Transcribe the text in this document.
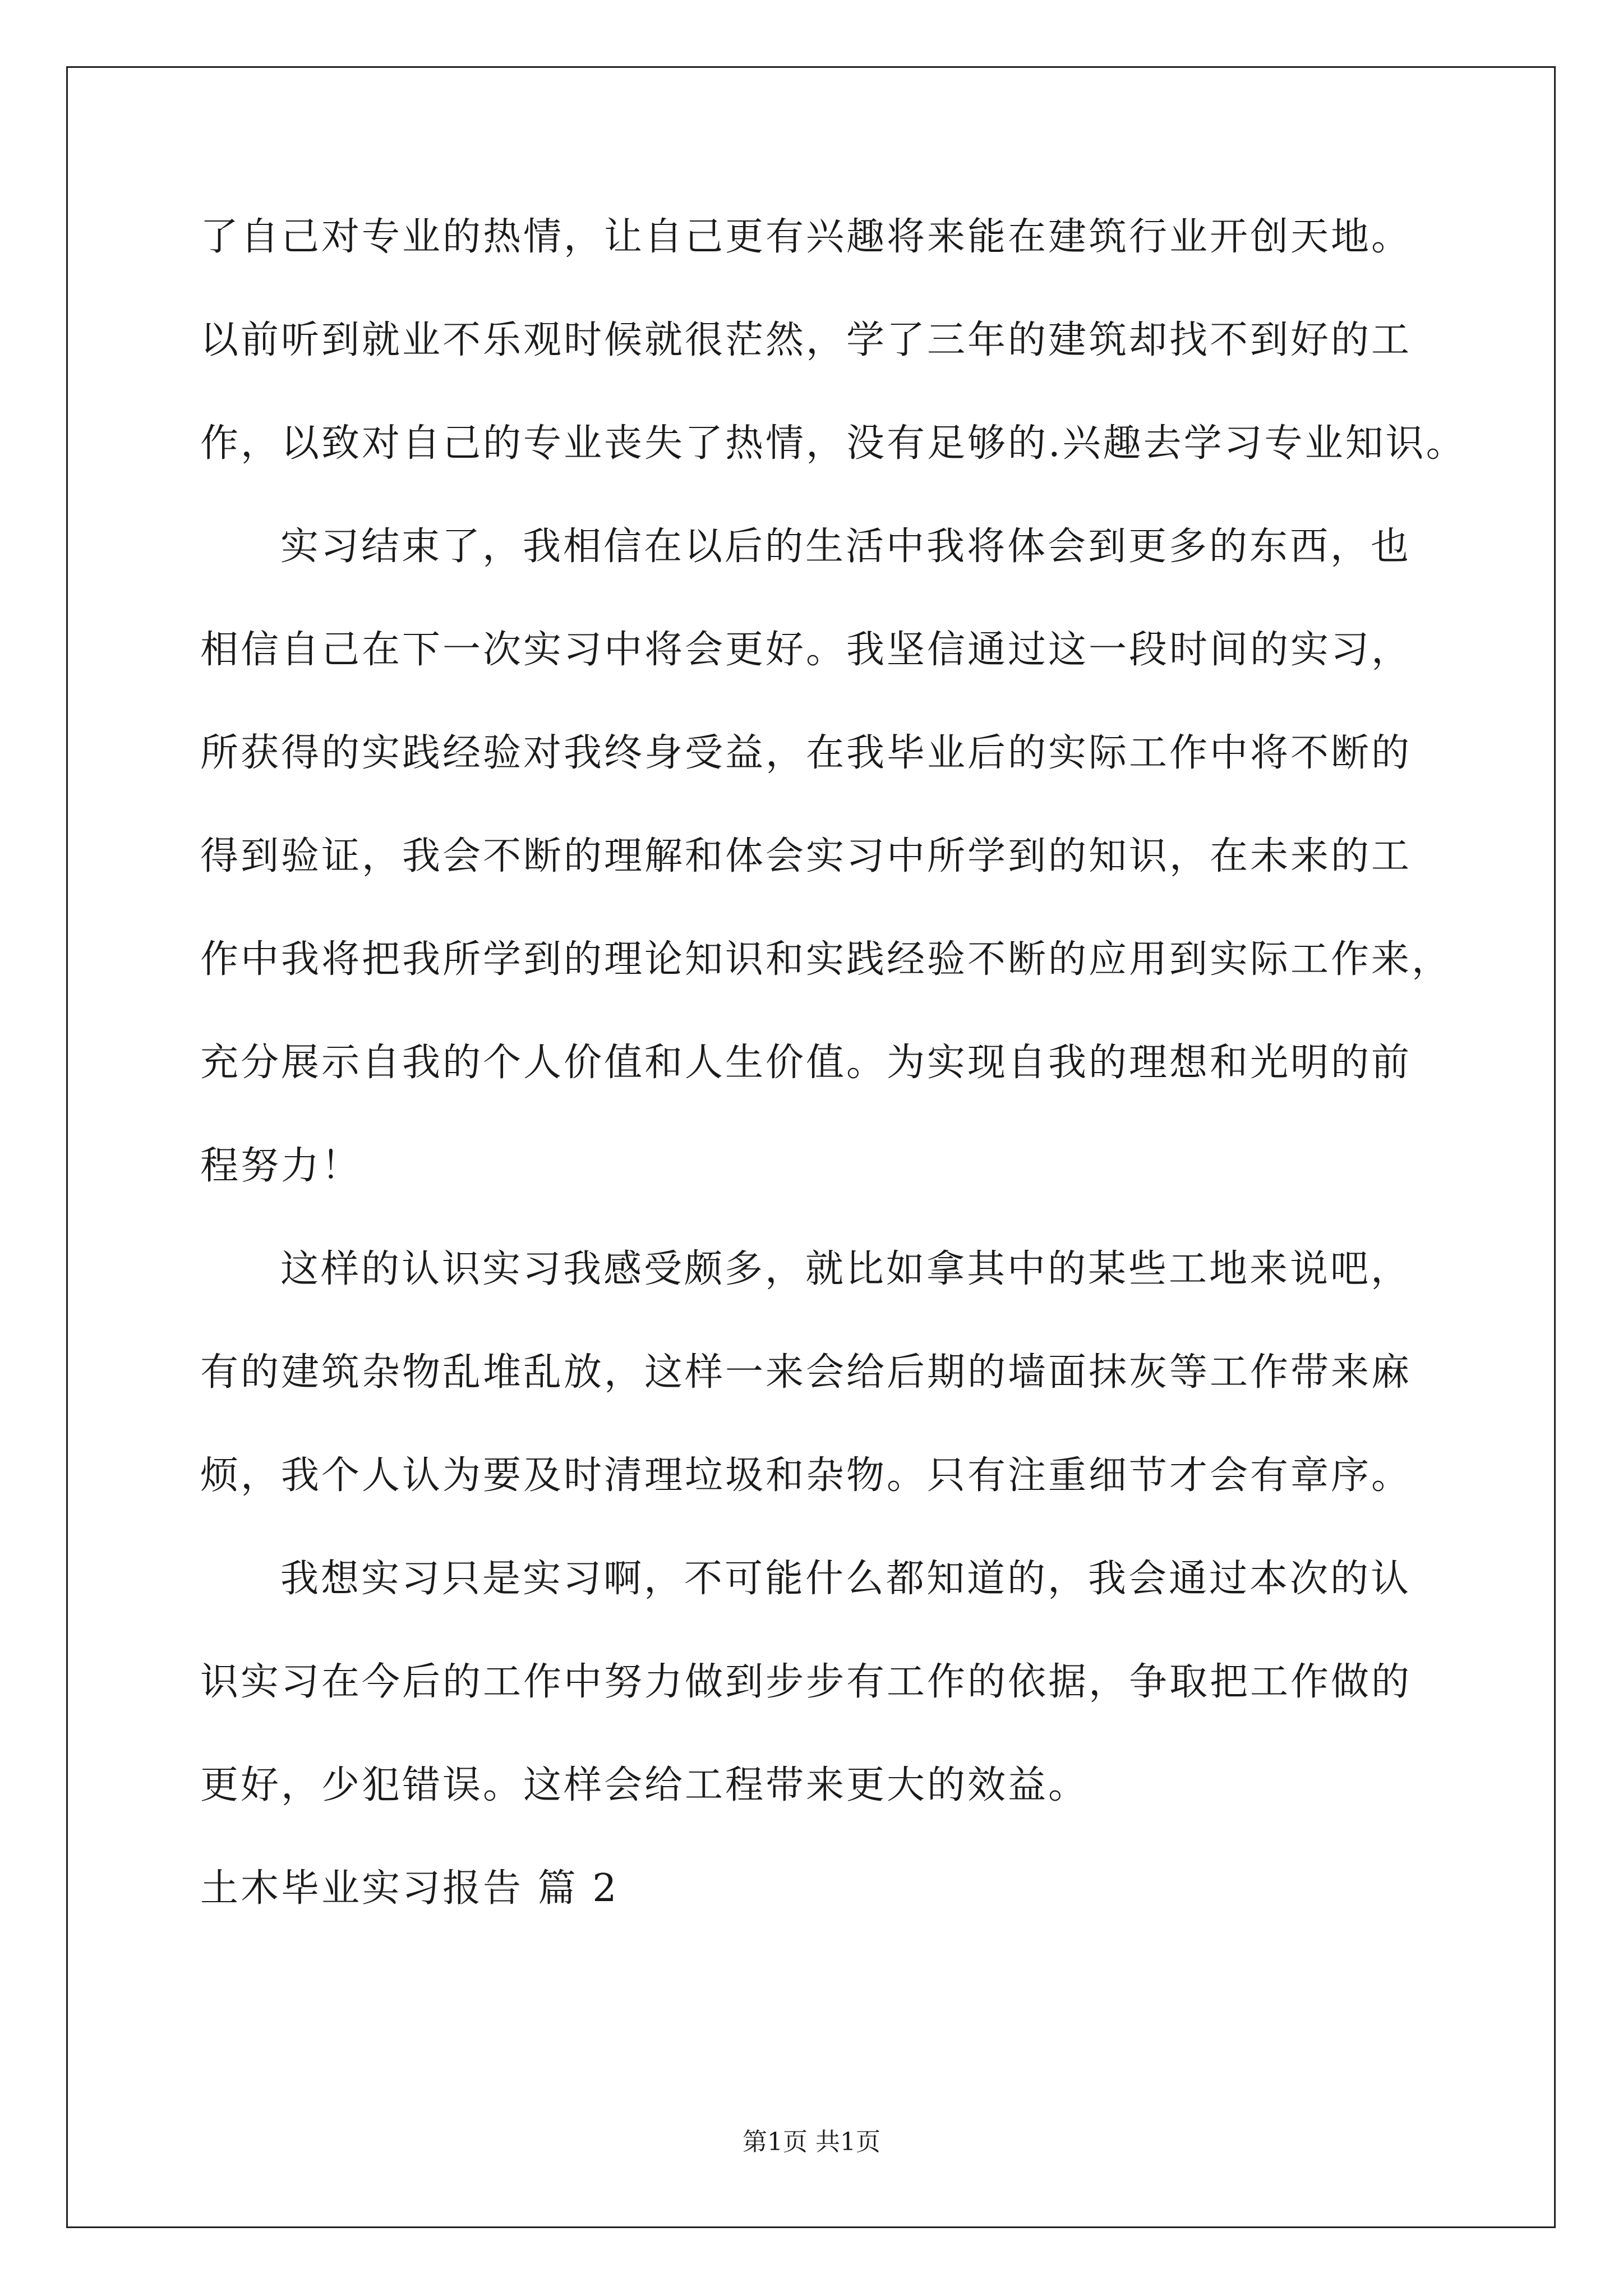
了自己对专业的热情，让自己更有兴趣将来能在建筑行业开创天地。
以前听到就业不乐观时候就很茫然，学了三年的建筑却找不到好的工
作，以致对自己的专业丧失了热情，没有足够的.兴趣去学习专业知识。
实习结束了，我相信在以后的生活中我将体会到更多的东西，也
相信自己在下一次实习中将会更好。我坚信通过这一段时间的实习，
所获得的实践经验对我终身受益，在我毕业后的实际工作中将不断的
得到验证，我会不断的理解和体会实习中所学到的知识，在未来的工
作中我将把我所学到的理论知识和实践经验不断的应用到实际工作来，
充分展示自我的个人价值和人生价值。为实现自我的理想和光明的前
程努力！
这样的认识实习我感受颇多，就比如拿其中的某些工地来说吧，
有的建筑杂物乱堆乱放，这样一来会给后期的墙面抹灰等工作带来麻
烦，我个人认为要及时清理垃圾和杂物。只有注重细节才会有章序。
我想实习只是实习啊，不可能什么都知道的，我会通过本次的认
识实习在今后的工作中努力做到步步有工作的依据，争取把工作做的
更好，少犯错误。这样会给工程带来更大的效益。
土木毕业实习报告 篇 2
第1页 共1页
